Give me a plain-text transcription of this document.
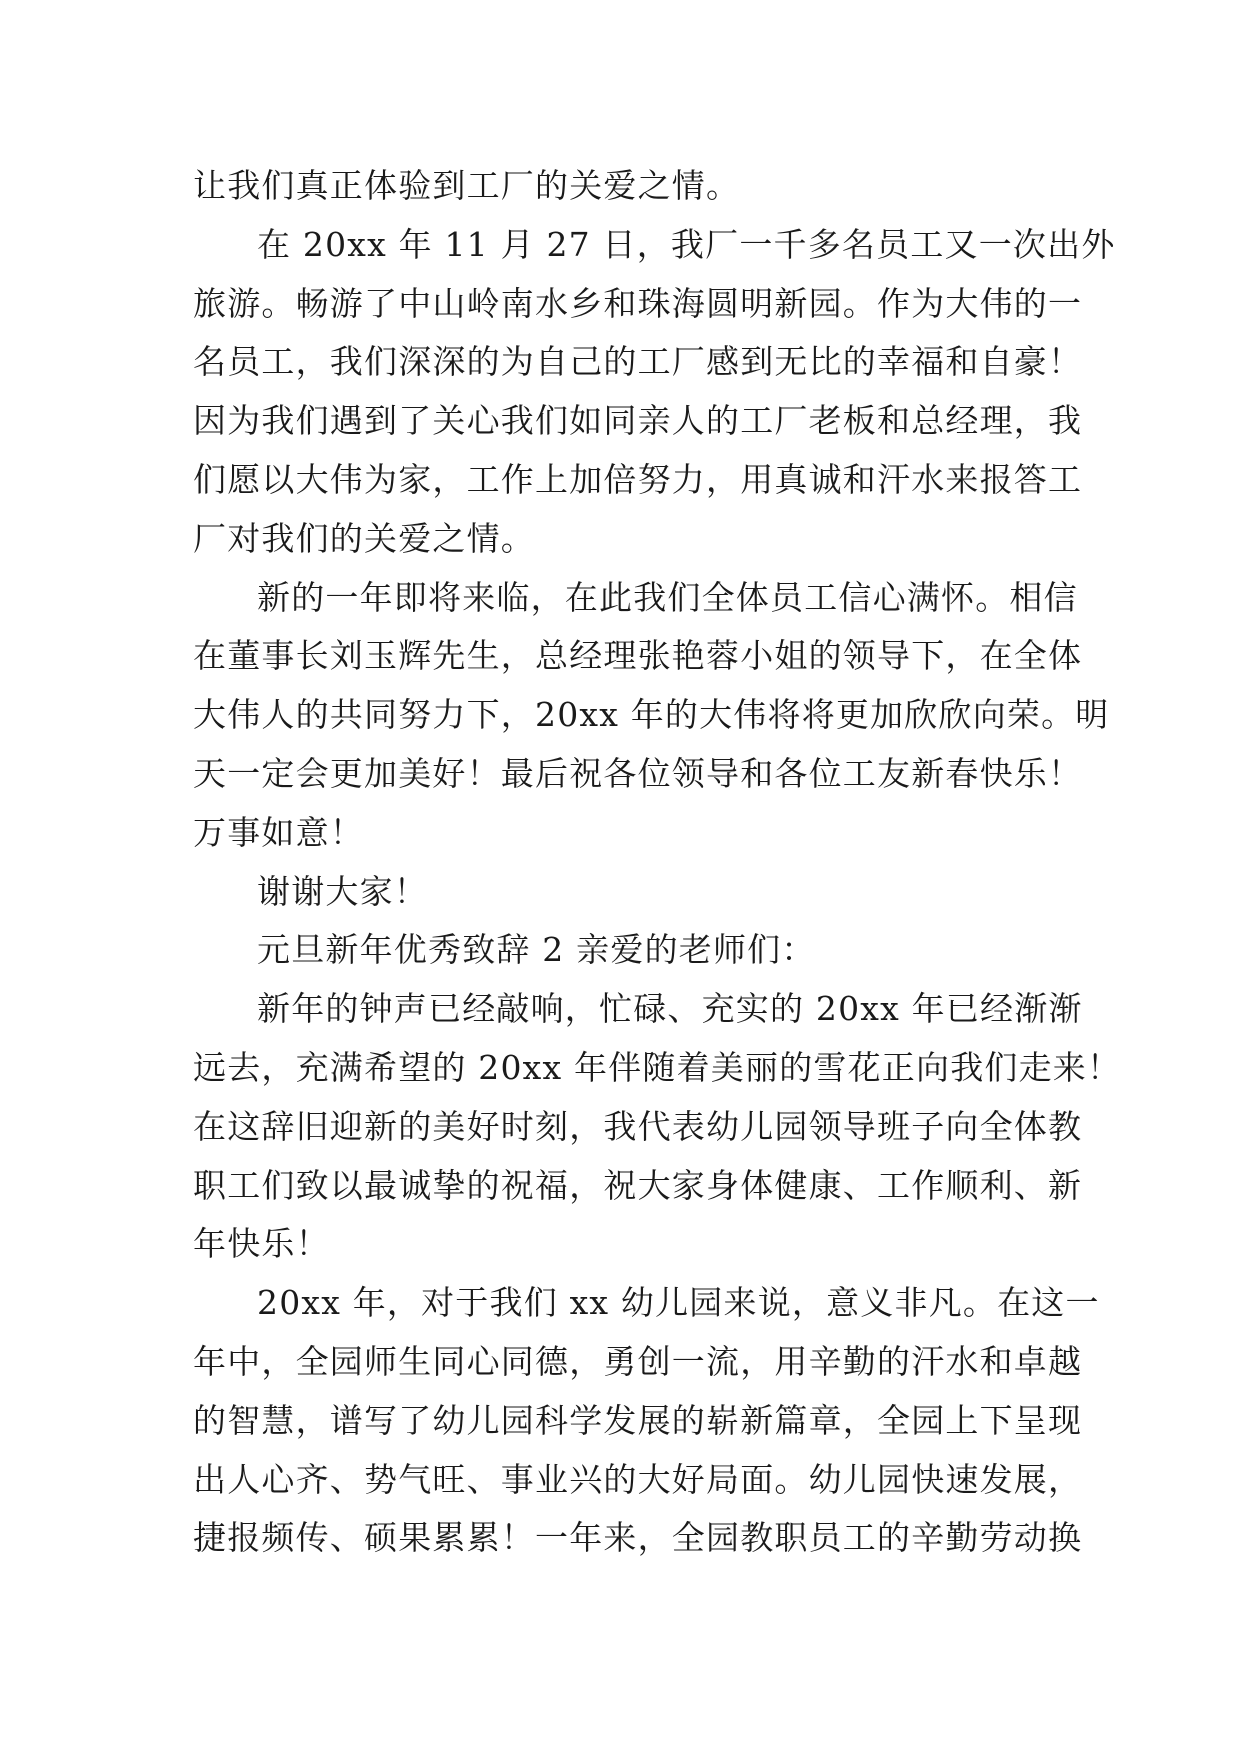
让我们真正体验到工厂的关爱之情。
在 20xx 年 11 月 27 日，我厂一千多名员工又一次出外
旅游。畅游了中山岭南水乡和珠海圆明新园。作为大伟的一
名员工，我们深深的为自己的工厂感到无比的幸福和自豪！
因为我们遇到了关心我们如同亲人的工厂老板和总经理，我
们愿以大伟为家，工作上加倍努力，用真诚和汗水来报答工
厂对我们的关爱之情。
新的一年即将来临，在此我们全体员工信心满怀。相信
在董事长刘玉辉先生，总经理张艳蓉小姐的领导下，在全体
大伟人的共同努力下，20xx 年的大伟将将更加欣欣向荣。明
天一定会更加美好！最后祝各位领导和各位工友新春快乐！
万事如意！
谢谢大家！
元旦新年优秀致辞 2 亲爱的老师们：
新年的钟声已经敲响，忙碌、充实的 20xx 年已经渐渐
远去，充满希望的 20xx 年伴随着美丽的雪花正向我们走来！
在这辞旧迎新的美好时刻，我代表幼儿园领导班子向全体教
职工们致以最诚挚的祝福，祝大家身体健康、工作顺利、新
年快乐！
20xx 年，对于我们 xx 幼儿园来说，意义非凡。在这一
年中，全园师生同心同德，勇创一流，用辛勤的汗水和卓越
的智慧，谱写了幼儿园科学发展的崭新篇章，全园上下呈现
出人心齐、势气旺、事业兴的大好局面。幼儿园快速发展，
捷报频传、硕果累累！一年来，全园教职员工的辛勤劳动换
